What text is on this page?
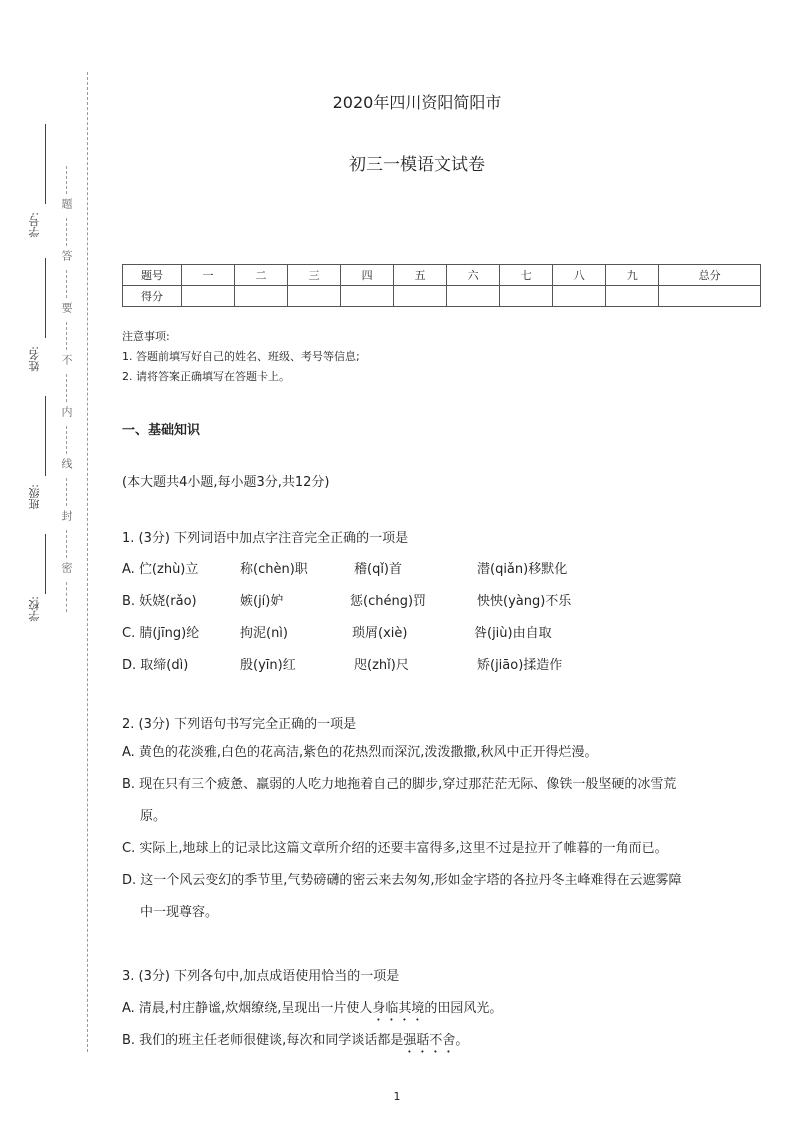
题
答
要
不
内
线
封
密
学号:
姓名:
班级:
学校:
2020年四川资阳简阳市
初三一模语文试卷
题号	一	二	三	四	五	六	七	八	九	总分
得分										
注意事项:
1. 答题前填写好自己的姓名、班级、考号等信息;
2. 请将答案正确填写在答题卡上。
一、基础知识
(本大题共4小题,每小题3分,共12分)
1. (3分) 下列词语中加点字注音完全正确的一项是
A. 伫(zhù)立	称(chèn)职	稽(qǐ)首	潜(qiǎn)移默化
B. 妖娆(rǎo)	嫉(jí)妒	惩(chéng)罚	怏怏(yàng)不乐
C. 腈(jīng)纶	拘泥(nì)	琐屑(xiè)	咎(jiù)由自取
D. 取缔(dì)	殷(yīn)红	咫(zhǐ)尺	矫(jiāo)揉造作
2. (3分) 下列语句书写完全正确的一项是
A. 黄色的花淡雅,白色的花高洁,紫色的花热烈而深沉,泼泼撒撒,秋风中正开得烂漫。
B. 现在只有三个疲惫、羸弱的人吃力地拖着自己的脚步,穿过那茫茫无际、像铁一般坚硬的冰雪荒
原。
C. 实际上,地球上的记录比这篇文章所介绍的还要丰富得多,这里不过是拉开了帷暮的一角而已。
D. 这一个风云变幻的季节里,气势磅礴的密云来去匆匆,形如金字塔的各拉丹冬主峰难得在云遮雾障
中一现尊容。
3. (3分) 下列各句中,加点成语使用恰当的一项是
A. 清晨,村庄静谧,炊烟缭绕,呈现出一片使人身临其境的田园风光。
B. 我们的班主任老师很健谈,每次和同学谈话都是强聒不舍。
1
